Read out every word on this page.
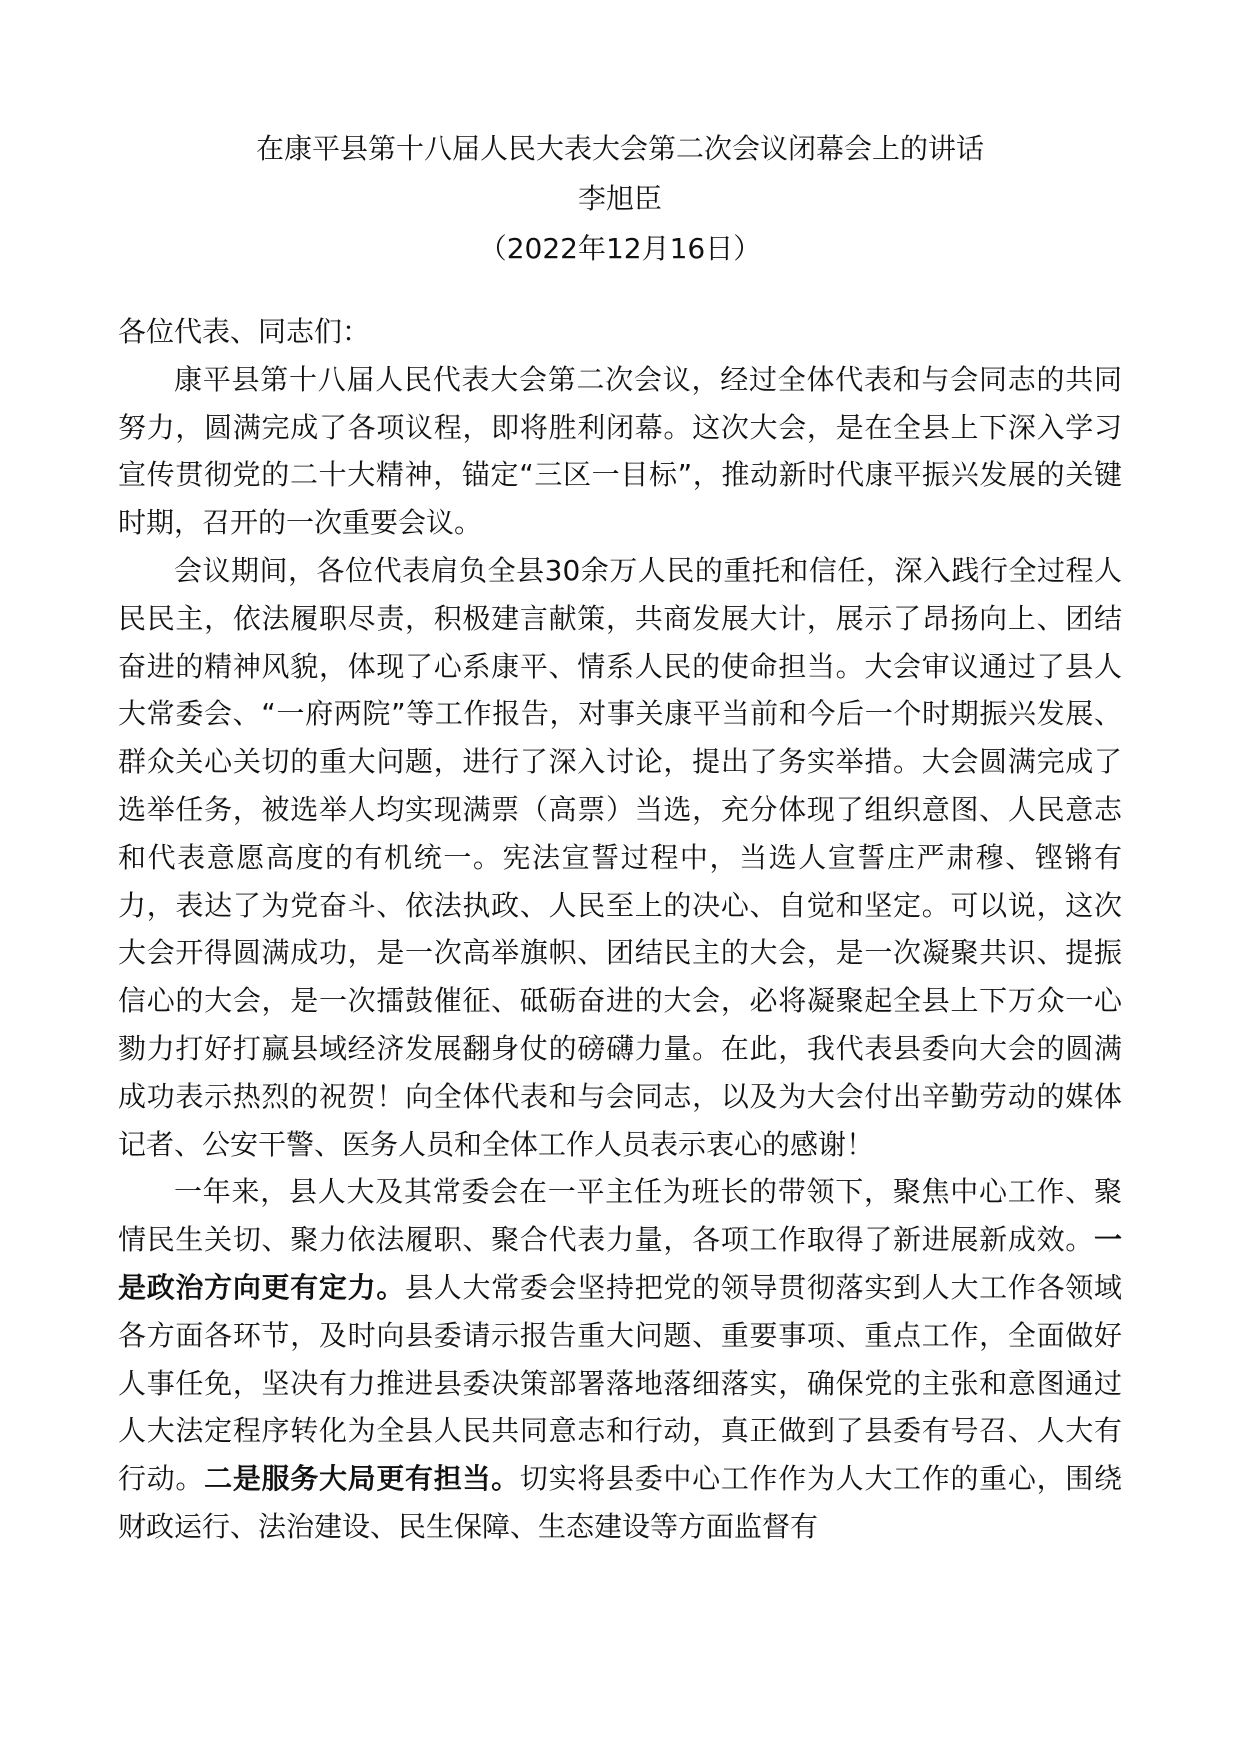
在康平县第十八届人民大表大会第二次会议闭幕会上的讲话
李旭臣
（2022年12月16日）

各位代表、同志们：

康平县第十八届人民代表大会第二次会议，经过全体代表和与会同志的共同努力，圆满完成了各项议程，即将胜利闭幕。这次大会，是在全县上下深入学习宣传贯彻党的二十大精神，锚定“三区一目标”，推动新时代康平振兴发展的关键时期，召开的一次重要会议。

会议期间，各位代表肩负全县30余万人民的重托和信任，深入践行全过程人民民主，依法履职尽责，积极建言献策，共商发展大计，展示了昂扬向上、团结奋进的精神风貌，体现了心系康平、情系人民的使命担当。大会审议通过了县人大常委会、“一府两院”等工作报告，对事关康平当前和今后一个时期振兴发展、群众关心关切的重大问题，进行了深入讨论，提出了务实举措。大会圆满完成了选举任务，被选举人均实现满票（高票）当选，充分体现了组织意图、人民意志和代表意愿高度的有机统一。宪法宣誓过程中，当选人宣誓庄严肃穆、铿锵有力，表达了为党奋斗、依法执政、人民至上的决心、自觉和坚定。可以说，这次大会开得圆满成功，是一次高举旗帜、团结民主的大会，是一次凝聚共识、提振信心的大会，是一次擂鼓催征、砥砺奋进的大会，必将凝聚起全县上下万众一心勠力打好打赢县域经济发展翻身仗的磅礴力量。在此，我代表县委向大会的圆满成功表示热烈的祝贺！向全体代表和与会同志，以及为大会付出辛勤劳动的媒体记者、公安干警、医务人员和全体工作人员表示衷心的感谢！

一年来，县人大及其常委会在一平主任为班长的带领下，聚焦中心工作、聚情民生关切、聚力依法履职、聚合代表力量，各项工作取得了新进展新成效。一是政治方向更有定力。县人大常委会坚持把党的领导贯彻落实到人大工作各领域各方面各环节，及时向县委请示报告重大问题、重要事项、重点工作，全面做好人事任免，坚决有力推进县委决策部署落地落细落实，确保党的主张和意图通过人大法定程序转化为全县人民共同意志和行动，真正做到了县委有号召、人大有行动。二是服务大局更有担当。切实将县委中心工作作为人大工作的重心，围绕财政运行、法治建设、民生保障、生态建设等方面监督有
